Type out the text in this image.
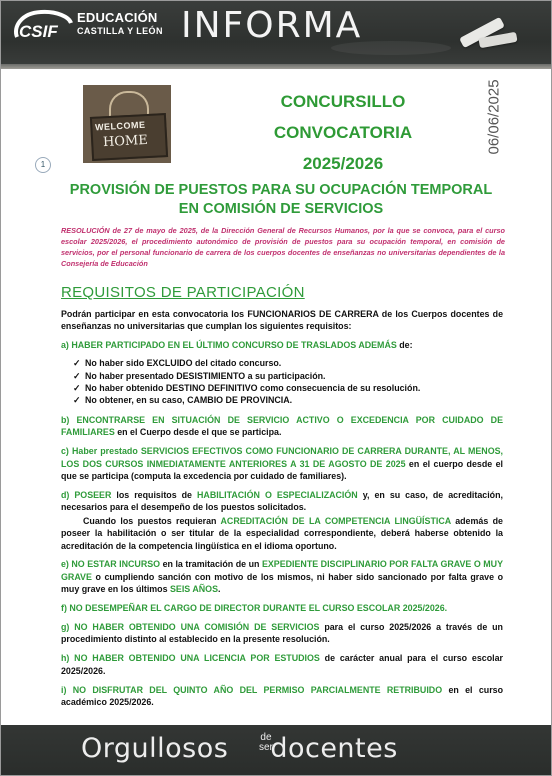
CSIF
EDUCACIÓN
CASTILLA Y LEÓN INFORMA
WELCOME
HOME
CONCURSILLO
CONVOCATORIA
2025/2026
06/06/2025
1
PROVISIÓN DE PUESTOS PARA SU OCUPACIÓN TEMPORAL EN COMISIÓN DE SERVICIOS
RESOLUCIÓN de 27 de mayo de 2025, de la Dirección General de Recursos Humanos, por la que se convoca, para el curso escolar 2025/2026, el procedimiento autonómico de provisión de puestos para su ocupación temporal, en comisión de servicios, por el personal funcionario de carrera de los cuerpos docentes de enseñanzas no universitarias dependientes de la Consejería de Educación
REQUISITOS DE PARTICIPACIÓN

Podrán participar en esta convocatoria los FUNCIONARIOS DE CARRERA de los Cuerpos docentes de enseñanzas no universitarias que cumplan los siguientes requisitos:

a) HABER PARTICIPADO EN EL ÚLTIMO CONCURSO DE TRASLADOS ADEMÁS de:

✓ No haber sido EXCLUIDO del citado concurso.
✓ No haber presentado DESISTIMIENTO a su participación.
✓ No haber obtenido DESTINO DEFINITIVO como consecuencia de su resolución.
✓ No obtener, en su caso, CAMBIO DE PROVINCIA.

b) ENCONTRARSE EN SITUACIÓN DE SERVICIO ACTIVO O EXCEDENCIA POR CUIDADO DE FAMILIARES en el Cuerpo desde el que se participa.

c) Haber prestado SERVICIOS EFECTIVOS COMO FUNCIONARIO DE CARRERA DURANTE, AL MENOS, LOS DOS CURSOS INMEDIATAMENTE ANTERIORES A 31 DE AGOSTO DE 2025 en el cuerpo desde el que se participa (computa la excedencia por cuidado de familiares).

d) POSEER los requisitos de HABILITACIÓN O ESPECIALIZACIÓN y, en su caso, de acreditación, necesarios para el desempeño de los puestos solicitados.

Cuando los puestos requieran ACREDITACIÓN DE LA COMPETENCIA LINGÜÍSTICA además de poseer la habilitación o ser titular de la especialidad correspondiente, deberá haberse obtenido la acreditación de la competencia lingüística en el idioma oportuno.

e) NO ESTAR INCURSO en la tramitación de un EXPEDIENTE DISCIPLINARIO POR FALTA GRAVE O MUY GRAVE o cumpliendo sanción con motivo de los mismos, ni haber sido sancionado por falta grave o muy grave en los últimos SEIS AÑOS.

f) NO DESEMPEÑAR EL CARGO DE DIRECTOR DURANTE EL CURSO ESCOLAR 2025/2026.

g) NO HABER OBTENIDO UNA COMISIÓN DE SERVICIOS para el curso 2025/2026 a través de un procedimiento distinto al establecido en la presente resolución.

h) NO HABER OBTENIDO UNA LICENCIA POR ESTUDIOS de carácter anual para el curso escolar 2025/2026.

i) NO DISFRUTAR DEL QUINTO AÑO DEL PERMISO PARCIALMENTE RETRIBUIDO en el curso académico 2025/2026.

Orgullosos docentes
de
ser
